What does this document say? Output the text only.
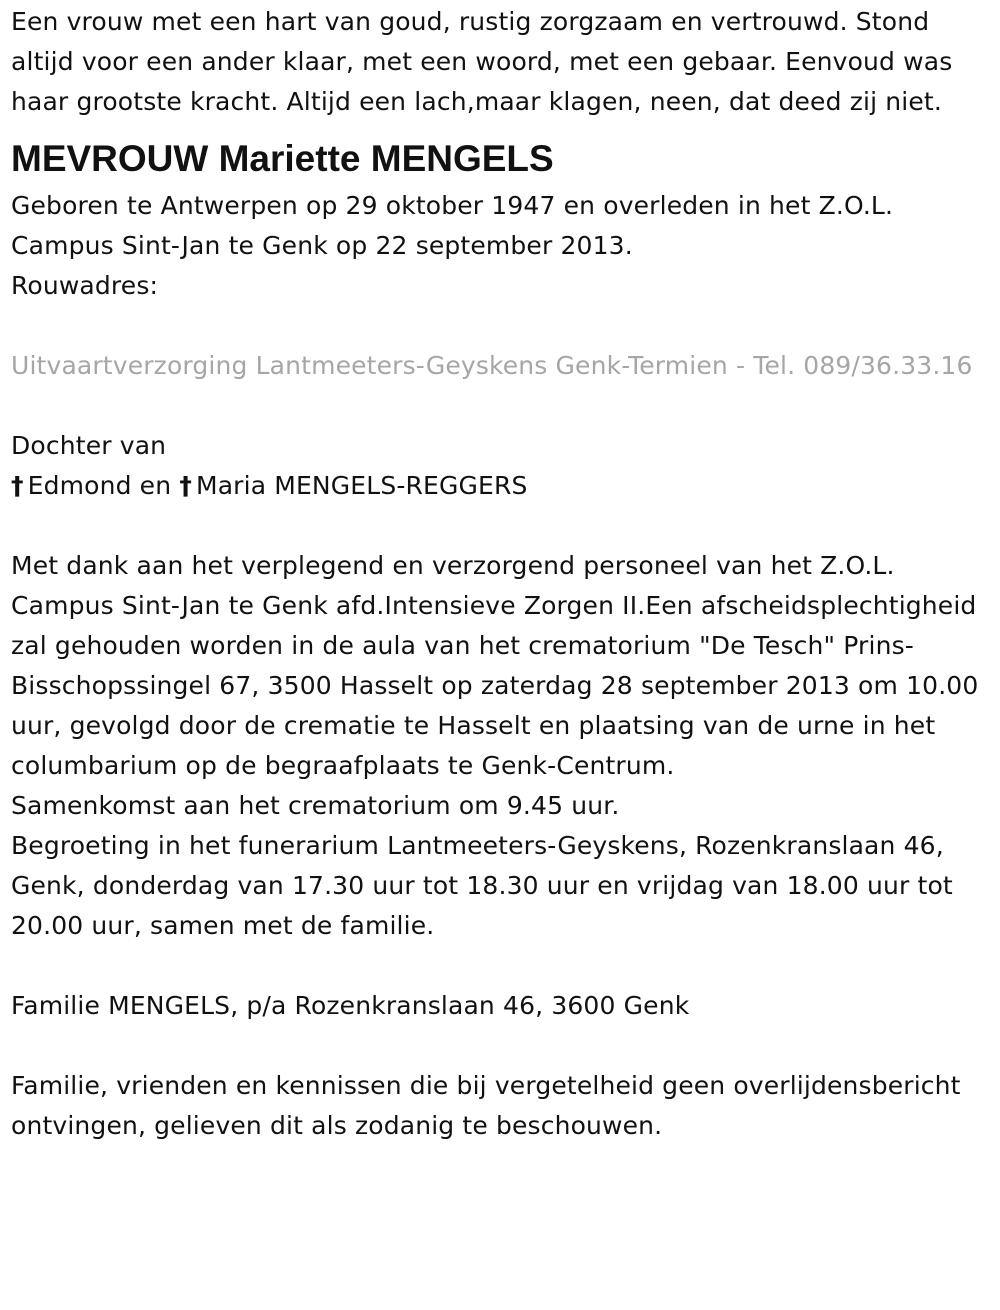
Een vrouw met een hart van goud, rustig zorgzaam en vertrouwd. Stond altijd voor een ander klaar, met een woord, met een gebaar. Eenvoud was haar grootste kracht. Altijd een lach,maar klagen, neen, dat deed zij niet.

MEVROUW Mariette MENGELS

Geboren te Antwerpen op 29 oktober 1947 en overleden in het Z.O.L. Campus Sint-Jan te Genk op 22 september 2013.

Rouwadres:

Uitvaartverzorging Lantmeeters-Geyskens Genk-Termien - Tel. 089/36.33.16

Dochter van

† Edmond en † Maria MENGELS-REGGERS

Met dank aan het verplegend en verzorgend personeel van het Z.O.L. Campus Sint-Jan te Genk afd.Intensieve Zorgen II.Een afscheidsplechtigheid zal gehouden worden in de aula van het crematorium "De Tesch" Prins-Bisschopssingel 67, 3500 Hasselt op zaterdag 28 september 2013 om 10.00 uur, gevolgd door de crematie te Hasselt en plaatsing van de urne in het columbarium op de begraafplaats te Genk-Centrum.

Samenkomst aan het crematorium om 9.45 uur.

Begroeting in het funerarium Lantmeeters-Geyskens, Rozenkranslaan 46, Genk, donderdag van 17.30 uur tot 18.30 uur en vrijdag van 18.00 uur tot 20.00 uur, samen met de familie.

Familie MENGELS, p/a Rozenkranslaan 46, 3600 Genk

Familie, vrienden en kennissen die bij vergetelheid geen overlijdensbericht ontvingen, gelieven dit als zodanig te beschouwen.
